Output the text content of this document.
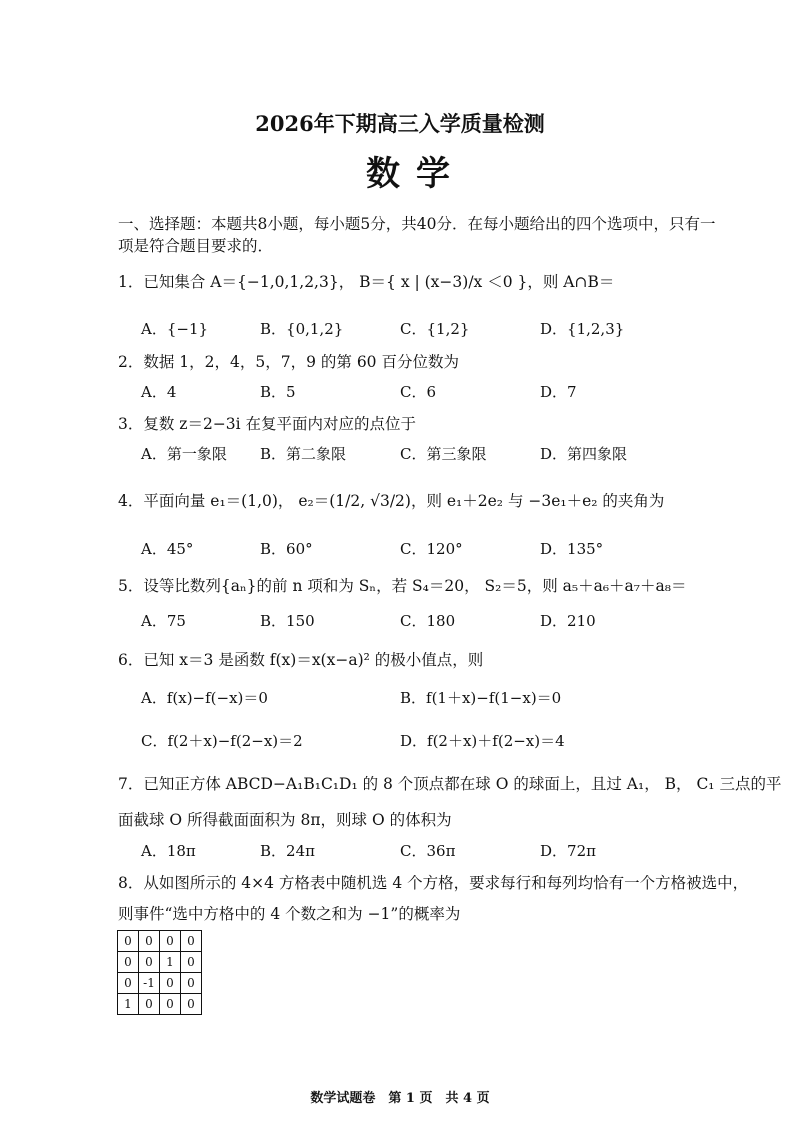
2026年下期高三入学质量检测
数学
一、选择题：本题共8小题，每小题5分，共40分．在每小题给出的四个选项中，只有一
项是符合题目要求的．
1．已知集合 A＝{−1,0,1,2,3}， B＝{ x | (x−3)/x ＜0 }，则 A∩B＝
A．{−1}	B．{0,1,2}	C．{1,2}	D．{1,2,3}
2．数据 1，2，4，5，7，9 的第 60 百分位数为
A．4	B．5	C．6	D．7
3．复数 z＝2−3i 在复平面内对应的点位于
A．第一象限 B．第二象限	C．第三象限	D．第四象限
4．平面向量 e₁＝(1,0)， e₂＝(1/2, √3/2)，则 e₁＋2e₂ 与 −3e₁＋e₂ 的夹角为
A．45°	B．60°	C．120°	D．135°
5．设等比数列{aₙ}的前 n 项和为 Sₙ，若 S₄＝20， S₂＝5，则 a₅＋a₆＋a₇＋a₈＝
A．75	B．150	C．180	D．210
6．已知 x＝3 是函数 f(x)＝x(x−a)² 的极小值点，则
A．f(x)−f(−x)＝0	B．f(1＋x)−f(1−x)＝0
C．f(2＋x)−f(2−x)＝2	D．f(2＋x)＋f(2−x)＝4
7．已知正方体 ABCD−A₁B₁C₁D₁ 的 8 个顶点都在球 O 的球面上，且过 A₁， B， C₁ 三点的平
面截球 O 所得截面面积为 8π，则球 O 的体积为
A．18π	B．24π	C．36π	D．72π
8．从如图所示的 4×4 方格表中随机选 4 个方格，要求每行和每列均恰有一个方格被选中，
则事件“选中方格中的 4 个数之和为 −1”的概率为
0	0	0	0
0	0	1	0
0	-1	0	0
1	0	0	0
数学试题卷　第 1 页　共 4 页
